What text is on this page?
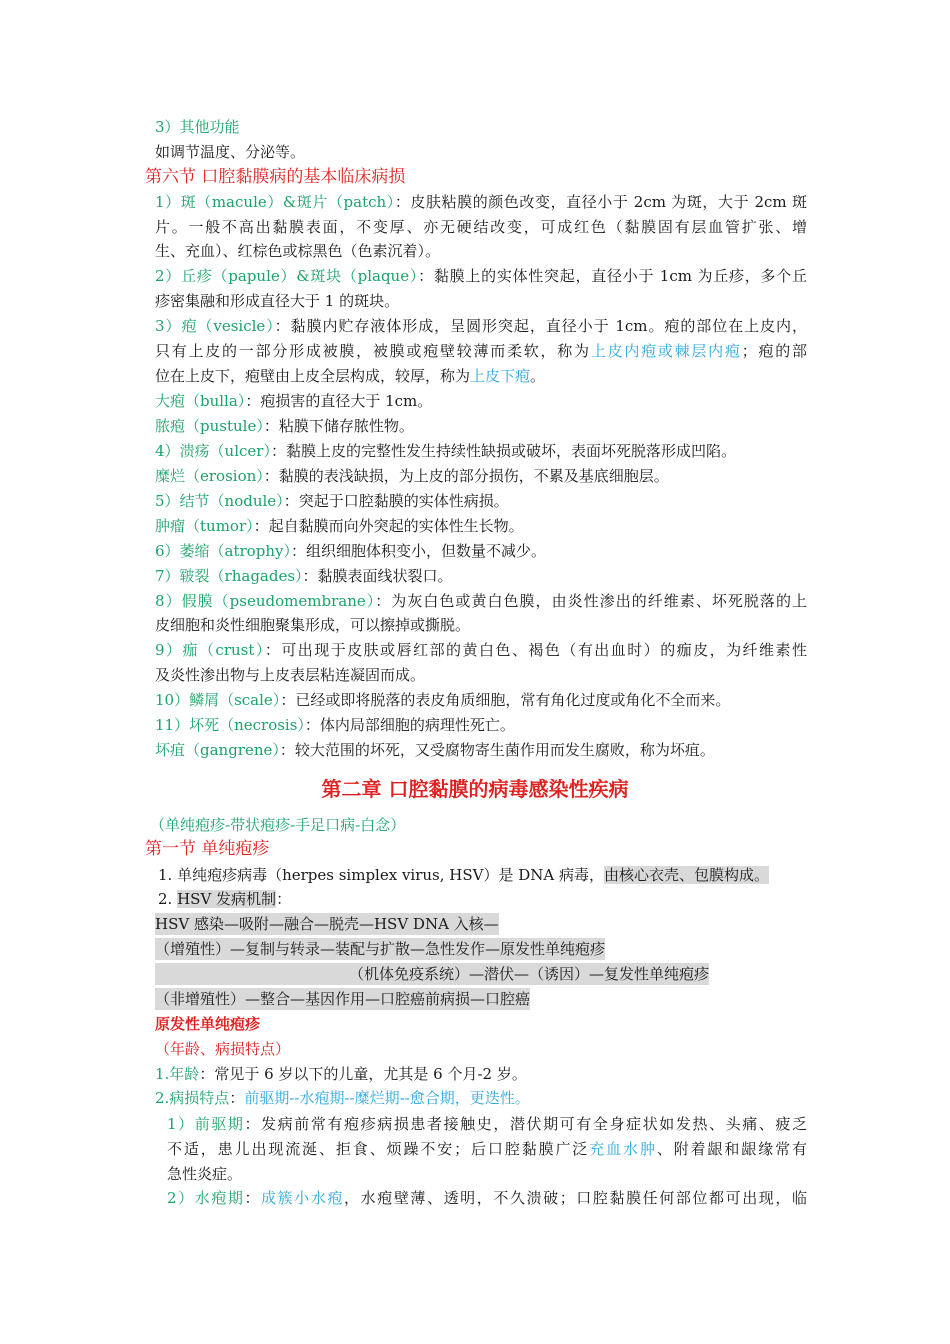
3）其他功能
如调节温度、分泌等。
第六节 口腔黏膜病的基本临床病损
1）斑（macule）&斑片（patch）：皮肤粘膜的颜色改变，直径小于 2cm 为斑，大于 2cm 斑
片。一般不高出黏膜表面，不变厚、亦无硬结改变，可成红色（黏膜固有层血管扩张、增
生、充血）、红棕色或棕黑色（色素沉着）。
2）丘疹（papule）&斑块（plaque）：黏膜上的实体性突起，直径小于 1cm 为丘疹，多个丘
疹密集融和形成直径大于 1 的斑块。
3）疱（vesicle）：黏膜内贮存液体形成，呈圆形突起，直径小于 1cm。疱的部位在上皮内，
只有上皮的一部分形成被膜，被膜或疱壁较薄而柔软，称为上皮内疱或棘层内疱；疱的部
位在上皮下，疱壁由上皮全层构成，较厚，称为上皮下疱。
大疱（bulla）：疱损害的直径大于 1cm。
脓疱（pustule）：粘膜下储存脓性物。
4）溃疡（ulcer）：黏膜上皮的完整性发生持续性缺损或破坏，表面坏死脱落形成凹陷。
糜烂（erosion）：黏膜的表浅缺损，为上皮的部分损伤，不累及基底细胞层。
5）结节（nodule）：突起于口腔黏膜的实体性病损。
肿瘤（tumor）：起自黏膜而向外突起的实体性生长物。
6）萎缩（atrophy）：组织细胞体积变小，但数量不减少。
7）皲裂（rhagades）：黏膜表面线状裂口。
8）假膜（pseudomembrane）：为灰白色或黄白色膜，由炎性渗出的纤维素、坏死脱落的上
皮细胞和炎性细胞聚集形成，可以擦掉或撕脱。
9）痂（crust）：可出现于皮肤或唇红部的黄白色、褐色（有出血时）的痂皮，为纤维素性
及炎性渗出物与上皮表层粘连凝固而成。
10）鳞屑（scale）：已经或即将脱落的表皮角质细胞，常有角化过度或角化不全而来。
11）坏死（necrosis）：体内局部细胞的病理性死亡。
坏疽（gangrene）：较大范围的坏死，又受腐物寄生菌作用而发生腐败，称为坏疽。
第二章 口腔黏膜的病毒感染性疾病
（单纯疱疹-带状疱疹-手足口病-白念）
第一节 单纯疱疹
1. 单纯疱疹病毒（herpes simplex virus, HSV）是 DNA 病毒，由核心衣壳、包膜构成。
2. HSV 发病机制：
HSV 感染—吸附—融合—脱壳—HSV DNA 入核—
（增殖性）—复制与转录—装配与扩散—急性发作—原发性单纯疱疹
（机体免疫系统）—潜伏—（诱因）—复发性单纯疱疹
（非增殖性）—整合—基因作用—口腔癌前病损—口腔癌
原发性单纯疱疹
（年龄、病损特点）
1.年龄：常见于 6 岁以下的儿童，尤其是 6 个月-2 岁。
2.病损特点：前驱期--水疱期--糜烂期--愈合期，更迭性。
1）前驱期：发病前常有疱疹病损患者接触史，潜伏期可有全身症状如发热、头痛、疲乏
不适，患儿出现流涎、拒食、烦躁不安；后口腔黏膜广泛充血水肿、附着龈和龈缘常有
急性炎症。
2）水疱期：成簇小水疱，水疱壁薄、透明，不久溃破；口腔黏膜任何部位都可出现，临
